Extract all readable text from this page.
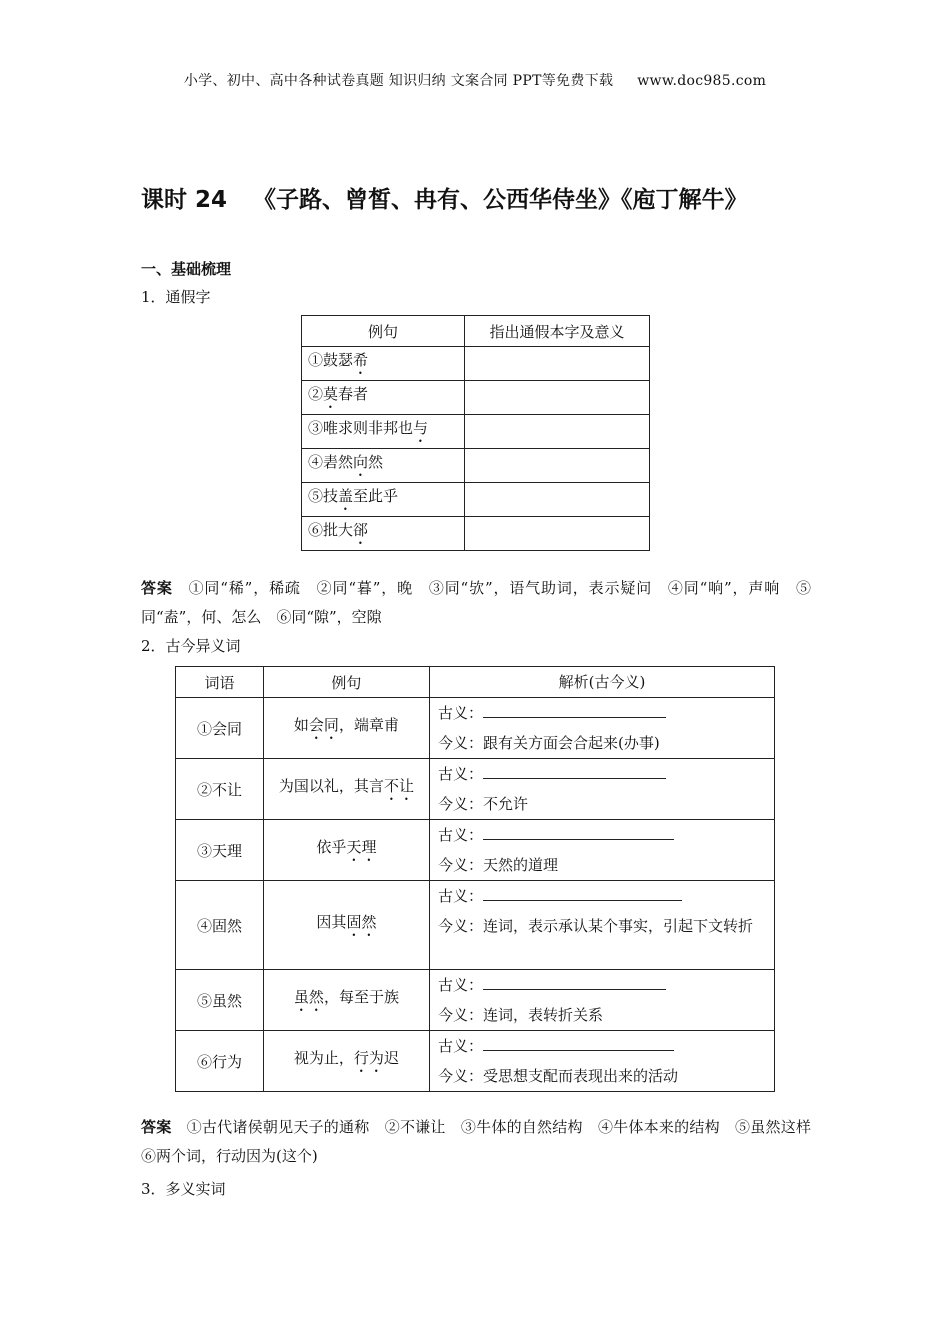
小学、初中、高中各种试卷真题 知识归纳 文案合同 PPT等免费下载 www.doc985.com
课时 24 《子路、曾皙、冉有、公西华侍坐》《庖丁解牛》
一、基础梳理
1．通假字
例句	指出通假本字及意义
①鼓瑟希	
②莫春者	
③唯求则非邦也与	
④砉然向然	
⑤技盖至此乎	
⑥批大郤	
答案　 ①同“稀”，稀疏　②同“暮”，晚　③同“欤”，语气助词，表示疑问　④同“响”，声响　⑤同“盍”，何、怎么　⑥同“隙”，空隙
2．古今异义词
词语	例句	解析(古今义)
①会同	如会同，端章甫	古义：
今义：跟有关方面会合起来(办事)

②不让	为国以礼，其言不让	古义：
今义：不允许

③天理	依乎天理	古义：
今义：天然的道理

④固然	因其固然	古义：
今义：连词，表示承认某个事实，引起下文转折

⑤虽然	虽然，每至于族	古义：
今义：连词，表转折关系

⑥行为	视为止，行为迟	古义：
今义：受思想支配而表现出来的活动
答案　 ①古代诸侯朝见天子的通称　②不谦让　③牛体的自然结构　④牛体本来的结构　⑤虽然这样　⑥两个词，行动因为(这个)
3．多义实词
